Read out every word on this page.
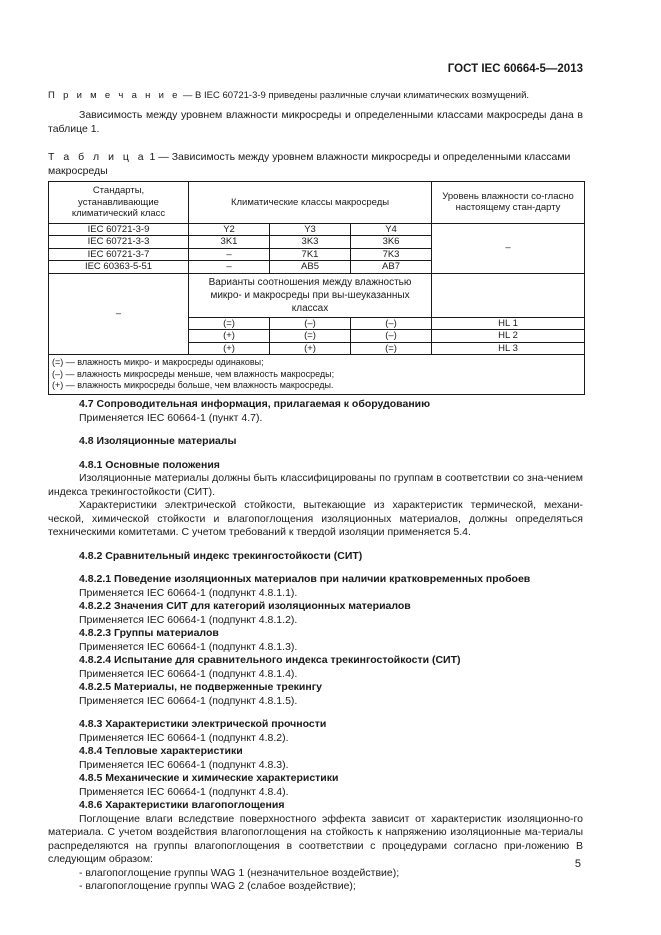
ГОСТ IEC 60664-5—2013
П р и м е ч а н и е — В IEC 60721-3-9 приведены различные случаи климатических возмущений.
Зависимость между уровнем влажности микросреды и определенными классами макросреды дана в таблице 1.
Т а б л и ц а 1 — Зависимость между уровнем влажности микросреды и определенными классами макросреды
Стандарты, устанавливающие климатический класс	Климатические классы макросреды			Уровень влажности со-гласно настоящему стан-дарту
IEC 60721-3-9	Y2	Y3	Y4	–
IEC 60721-3-3	3K1	3K3	3K6	
IEC 60721-3-7	–	7K1	7K3	
IEC 60363-5-51	–	AB5	AB7	
–	Варианты соотношения между влажностью микро- и макросреды при вы-шеуказанных классах			
	(=)	(–)	(–)	HL 1
	(+)	(=)	(–)	HL 2
	(+)	(+)	(=)	HL 3

(=) — влажность микро- и макросреды одинаковы;
(–) — влажность микросреды меньше, чем влажность макросреды;
(+) — влажность микросреды больше, чем влажность макросреды.				
4.7 Сопроводительная информация, прилагаемая к оборудованию
Применяется IEC 60664-1 (пункт 4.7).
4.8 Изоляционные материалы
4.8.1 Основные положения
Изоляционные материалы должны быть классифицированы по группам в соответствии со зна-чением индекса трекингостойкости (СИТ).
Характеристики электрической стойкости, вытекающие из характеристик термической, механи-ческой, химической стойкости и влагопоглощения изоляционных материалов, должны определяться техническими комитетами. С учетом требований к твердой изоляции применяется 5.4.
4.8.2 Сравнительный индекс трекингостойкости (СИТ)
4.8.2.1 Поведение изоляционных материалов при наличии кратковременных пробоев
Применяется IEC 60664-1 (подпункт 4.8.1.1).
4.8.2.2 Значения СИТ для категорий изоляционных материалов
Применяется IEC 60664-1 (подпункт 4.8.1.2).
4.8.2.3 Группы материалов
Применяется IEC 60664-1 (подпункт 4.8.1.3).
4.8.2.4 Испытание для сравнительного индекса трекингостойкости (СИТ)
Применяется IEC 60664-1 (подпункт 4.8.1.4).
4.8.2.5 Материалы, не подверженные трекингу
Применяется IEC 60664-1 (подпункт 4.8.1.5).
4.8.3 Характеристики электрической прочности
Применяется IEC 60664-1 (подпункт 4.8.2).
4.8.4 Тепловые характеристики
Применяется IEC 60664-1 (подпункт 4.8.3).
4.8.5 Механические и химические характеристики
Применяется IEC 60664-1 (подпункт 4.8.4).
4.8.6 Характеристики влагопоглощения
Поглощение влаги вследствие поверхностного эффекта зависит от характеристик изоляционно-го материала. С учетом воздействия влагопоглощения на стойкость к напряжению изоляционные ма-териалы распределяются на группы влагопоглощения в соответствии с процедурами согласно при-ложению В следующим образом:
- влагопоглощение группы WAG 1 (незначительное воздействие);
- влагопоглощение группы WAG 2 (слабое воздействие);
5
